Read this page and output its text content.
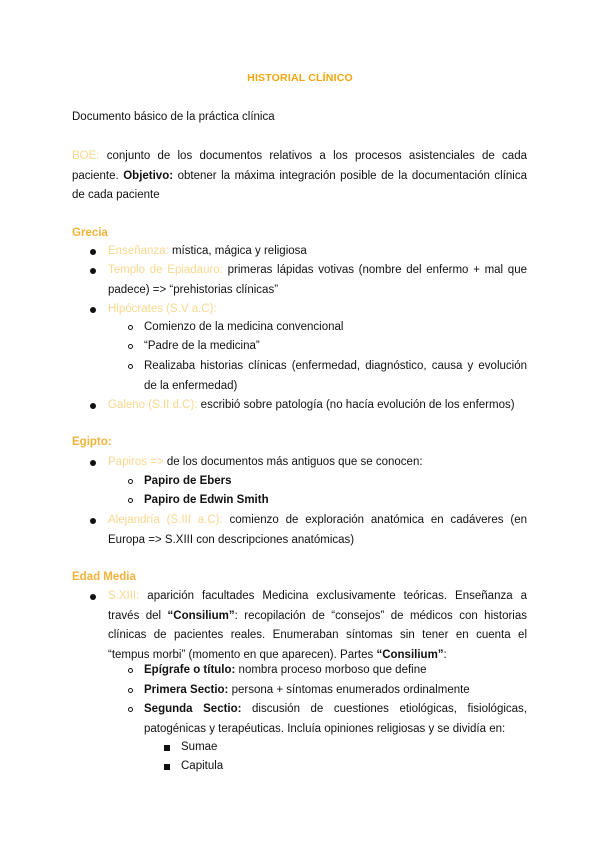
HISTORIAL CLÍNICO
Documento básico de la práctica clínica
BOE: conjunto de los documentos relativos a los procesos asistenciales de cada paciente. Objetivo: obtener la máxima integración posible de la documentación clínica de cada paciente
Grecia
Enseñanza: mística, mágica y religiosa
Templo de Epiadauro: primeras lápidas votivas (nombre del enfermo + mal que padece) => “prehistorias clínicas”
Hipócrates (S.V a.C):
Comienzo de la medicina convencional
“Padre de la medicina”
Realizaba historias clínicas (enfermedad, diagnóstico, causa y evolución de la enfermedad)
Galeno (S.II d.C): escribió sobre patología (no hacía evolución de los enfermos)
Egipto:
Papiros => de los documentos más antiguos que se conocen:
Papiro de Ebers
Papiro de Edwin Smith
Alejandría (S.III a.C): comienzo de exploración anatómica en cadáveres (en Europa => S.XIII con descripciones anatómicas)
Edad Media
S.XIII: aparición facultades Medicina exclusivamente teóricas. Enseñanza a través del “Consilium”: recopilación de “consejos” de médicos con historias clínicas de pacientes reales. Enumeraban síntomas sin tener en cuenta el “tempus morbi” (momento en que aparecen). Partes “Consilium”:
Epígrafe o título: nombra proceso morboso que define
Primera Sectio: persona + síntomas enumerados ordinalmente
Segunda Sectio: discusión de cuestiones etiológicas, fisiológicas, patogénicas y terapéuticas. Incluía opiniones religiosas y se dividía en:
Sumae
Capitula
